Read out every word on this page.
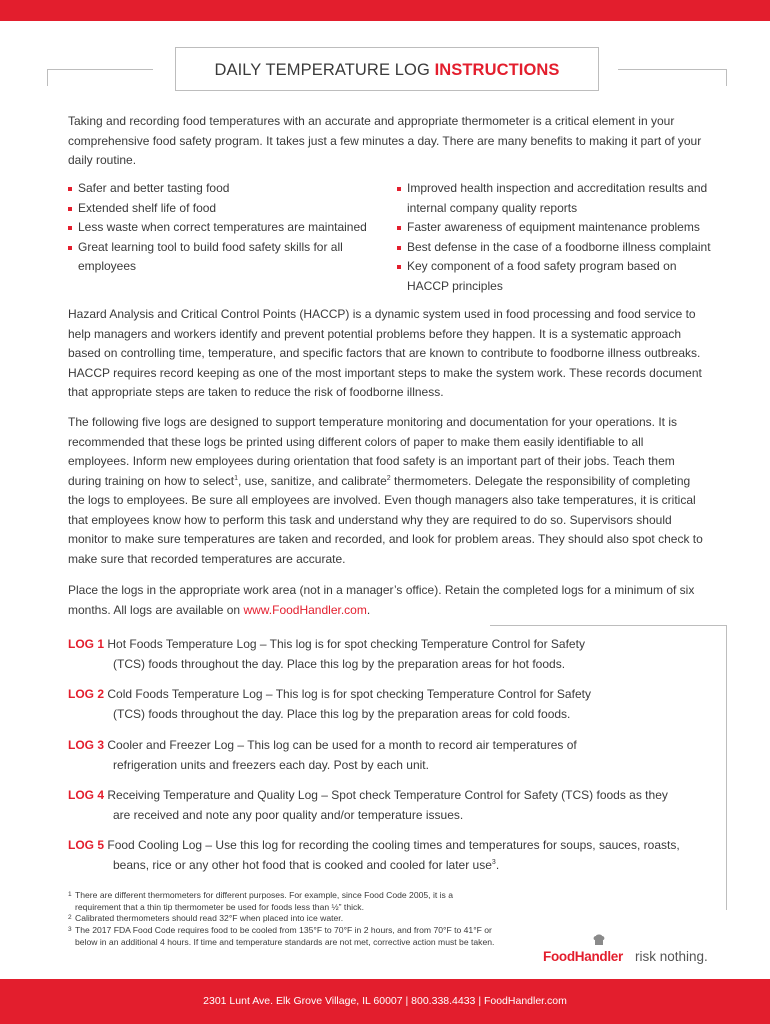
DAILY TEMPERATURE LOG INSTRUCTIONS

Taking and recording food temperatures with an accurate and appropriate thermometer is a critical element in your comprehensive food safety program. It takes just a few minutes a day. There are many benefits to making it part of your daily routine.

Safer and better tasting food
Extended shelf life of food
Less waste when correct temperatures are maintained
Great learning tool to build food safety skills for all employees
Improved health inspection and accreditation results and internal company quality reports
Faster awareness of equipment maintenance problems
Best defense in the case of a foodborne illness complaint
Key component of a food safety program based on HACCP principles

Hazard Analysis and Critical Control Points (HACCP) is a dynamic system used in food processing and food service to help managers and workers identify and prevent potential problems before they happen. It is a systematic approach based on controlling time, temperature, and specific factors that are known to contribute to foodborne illness outbreaks. HACCP requires record keeping as one of the most important steps to make the system work. These records document that appropriate steps are taken to reduce the risk of foodborne illness.

The following five logs are designed to support temperature monitoring and documentation for your operations. It is recommended that these logs be printed using different colors of paper to make them easily identifiable to all employees. Inform new employees during orientation that food safety is an important part of their jobs. Teach them during training on how to select$^1$, use, sanitize, and calibrate$^2$ thermometers. Delegate the responsibility of completing the logs to employees. Be sure all employees are involved. Even though managers also take temperatures, it is critical that employees know how to perform this task and understand why they are required to do so. Supervisors should monitor to make sure temperatures are taken and recorded, and look for problem areas. They should also spot check to make sure that recorded temperatures are accurate.

Place the logs in the appropriate work area (not in a manager’s office). Retain the completed logs for a minimum of six months. All logs are available on www.FoodHandler.com.

LOG 1 Hot Foods Temperature Log – This log is for spot checking Temperature Control for Safety
(TCS) foods throughout the day. Place this log by the preparation areas for hot foods.
LOG 2 Cold Foods Temperature Log – This log is for spot checking Temperature Control for Safety
(TCS) foods throughout the day. Place this log by the preparation areas for cold foods.
LOG 3 Cooler and Freezer Log – This log can be used for a month to record air temperatures of
refrigeration units and freezers each day. Post by each unit.
LOG 4 Receiving Temperature and Quality Log – Spot check Temperature Control for Safety (TCS) foods as they
are received and note any poor quality and/or temperature issues.
LOG 5 Food Cooling Log – Use this log for recording the cooling times and temperatures for soups, sauces, roasts,
beans, rice or any other hot food that is cooked and cooled for later use$^3$.
1 There are different thermometers for different purposes. For example, since Food Code 2005, it is a requirement that a thin tip thermometer be used for foods less than ½” thick.
2 Calibrated thermometers should read 32°F when placed into ice water.
3 The 2017 FDA Food Code requires food to be cooled from 135°F to 70°F in 2 hours, and from 70°F to 41°F or below in an additional 4 hours. If time and temperature standards are not met, corrective action must be taken.
FoodHandler risk nothing.
2301 Lunt Ave. Elk Grove Village, IL 60007 | 800.338.4433 | FoodHandler.com
